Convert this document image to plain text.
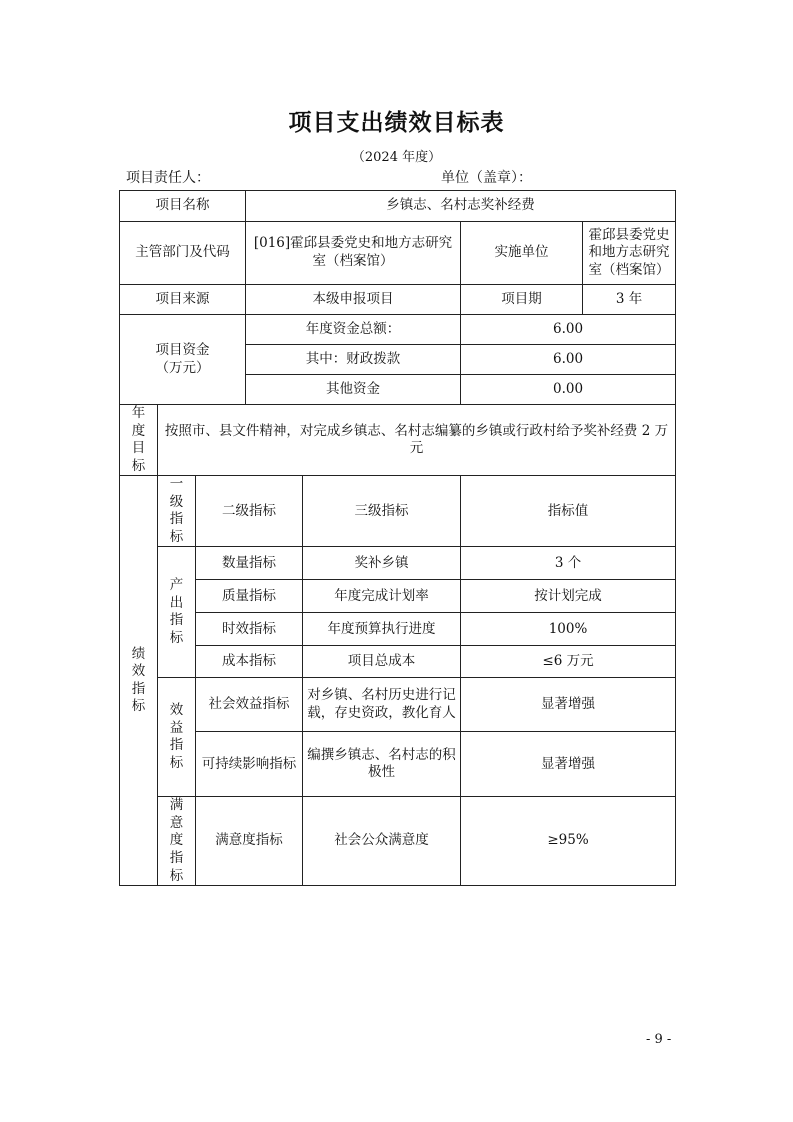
项目支出绩效目标表
（2024 年度）
项目责任人：	单位（盖章）：
项目名称			乡镇志、名村志奖补经费			
主管部门及代码			[016]霍邱县委党史和地方志研究室（档案馆）		实施单位	霍邱县委党史和地方志研究室（档案馆）
项目来源			本级申报项目		项目期	3 年

项目资金（万元）			年度资金总额：		6.00	
			其中：财政拨款		6.00	
			其他资金		0.00	

年度目标	按照市、县文件精神，对完成乡镇志、名村志编纂的乡镇或行政村给予奖补经费 2 万元					

绩效指标	一级指标	二级指标		三级指标	指标值	

	产出指标	数量指标		奖补乡镇	3 个	
		质量指标		年度完成计划率	按计划完成	
		时效指标		年度预算执行进度	100%	
		成本指标		项目总成本	≤6 万元	

	效益指标	社会效益指标		对乡镇、名村历史进行记载，存史资政，教化育人	显著增强	
		可持续影响指标		编撰乡镇志、名村志的积极性	显著增强	

	满意度指标	满意度指标		社会公众满意度	≥95%	
- 9 -
